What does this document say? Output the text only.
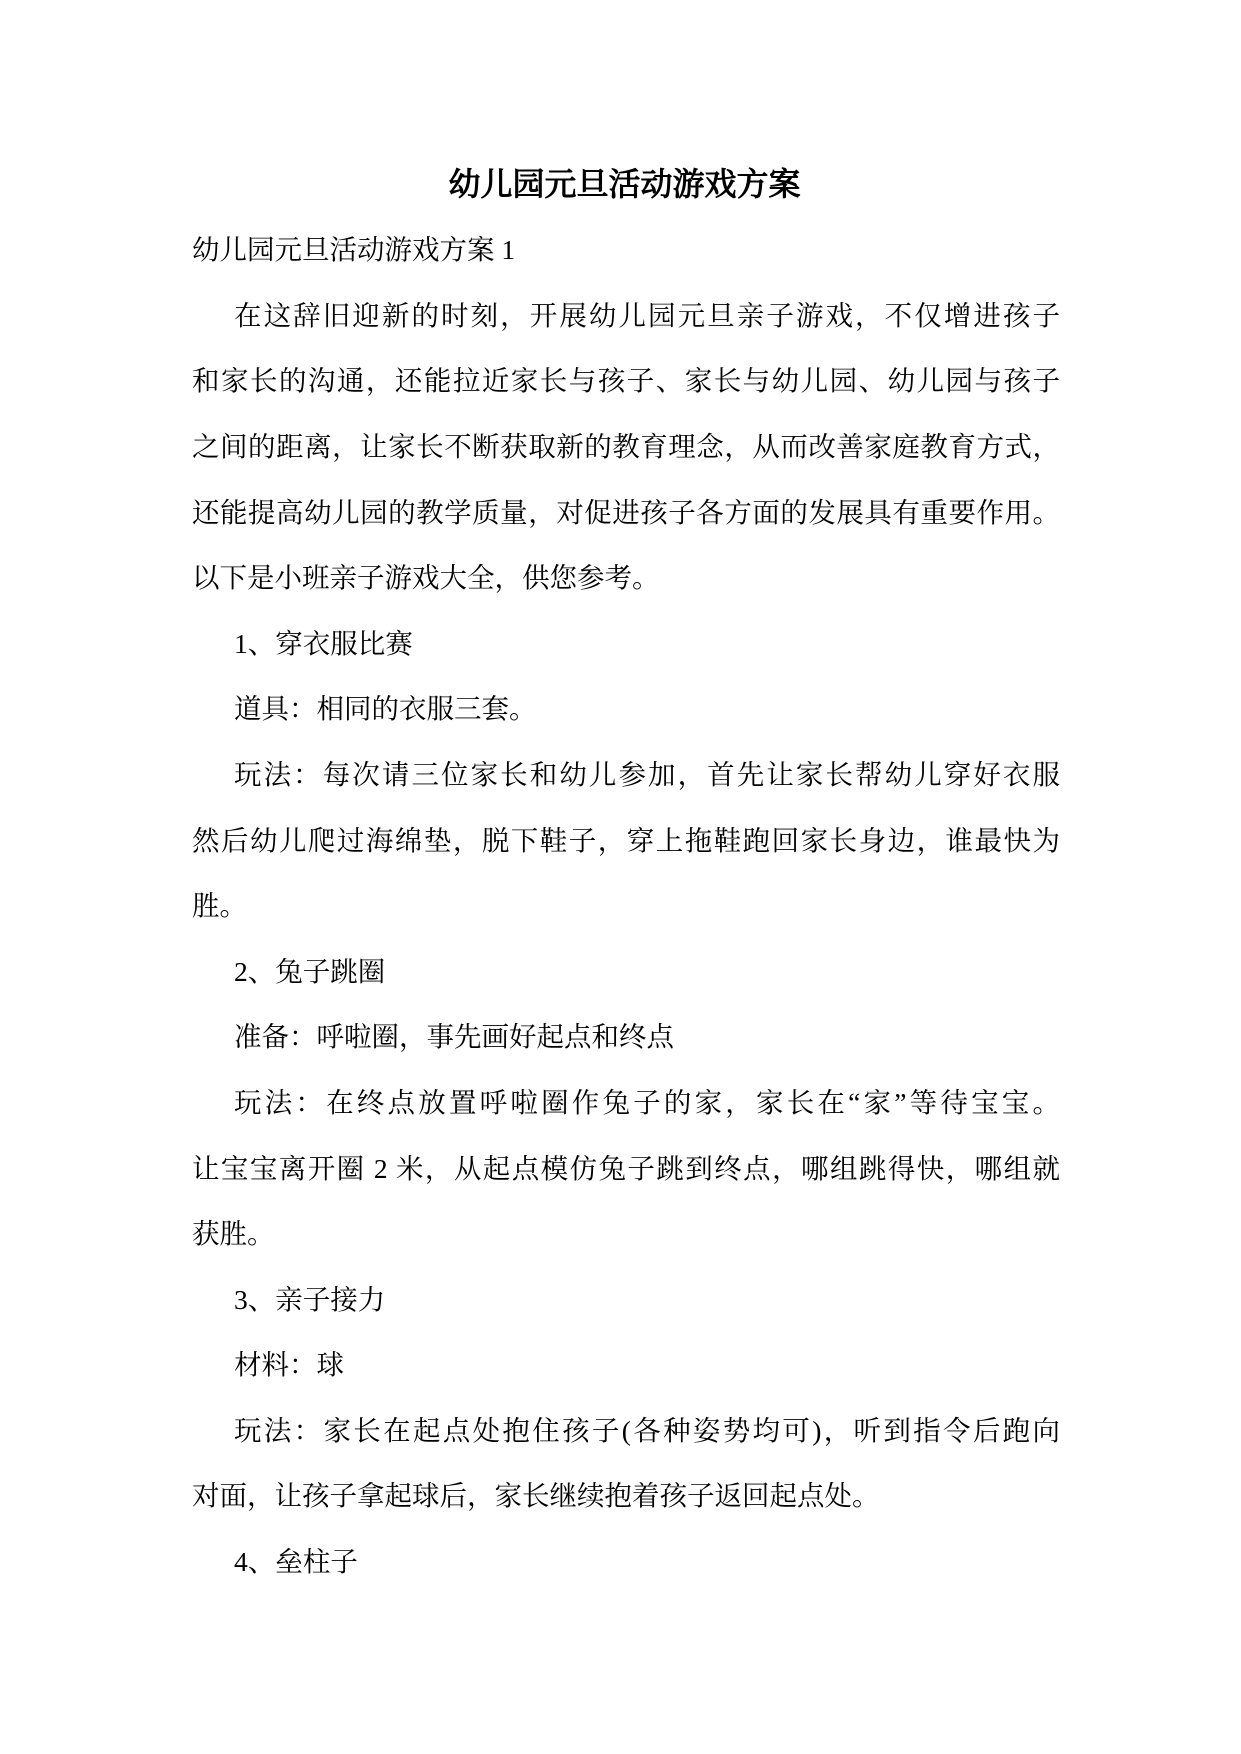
幼儿园元旦活动游戏方案

幼儿园元旦活动游戏方案 1

在这辞旧迎新的时刻，开展幼儿园元旦亲子游戏，不仅增进孩子
和家长的沟通，还能拉近家长与孩子、家长与幼儿园、幼儿园与孩子
之间的距离，让家长不断获取新的教育理念，从而改善家庭教育方式，
还能提高幼儿园的教学质量，对促进孩子各方面的发展具有重要作用。
以下是小班亲子游戏大全，供您参考。

1、穿衣服比赛

道具：相同的衣服三套。

玩法：每次请三位家长和幼儿参加，首先让家长帮幼儿穿好衣服
然后幼儿爬过海绵垫，脱下鞋子，穿上拖鞋跑回家长身边，谁最快为
胜。

2、兔子跳圈

准备：呼啦圈，事先画好起点和终点

玩法：在终点放置呼啦圈作兔子的家，家长在“家”等待宝宝。
让宝宝离开圈 2 米，从起点模仿兔子跳到终点，哪组跳得快，哪组就
获胜。

3、亲子接力

材料：球

玩法：家长在起点处抱住孩子(各种姿势均可)，听到指令后跑向
对面，让孩子拿起球后，家长继续抱着孩子返回起点处。

4、垒柱子
